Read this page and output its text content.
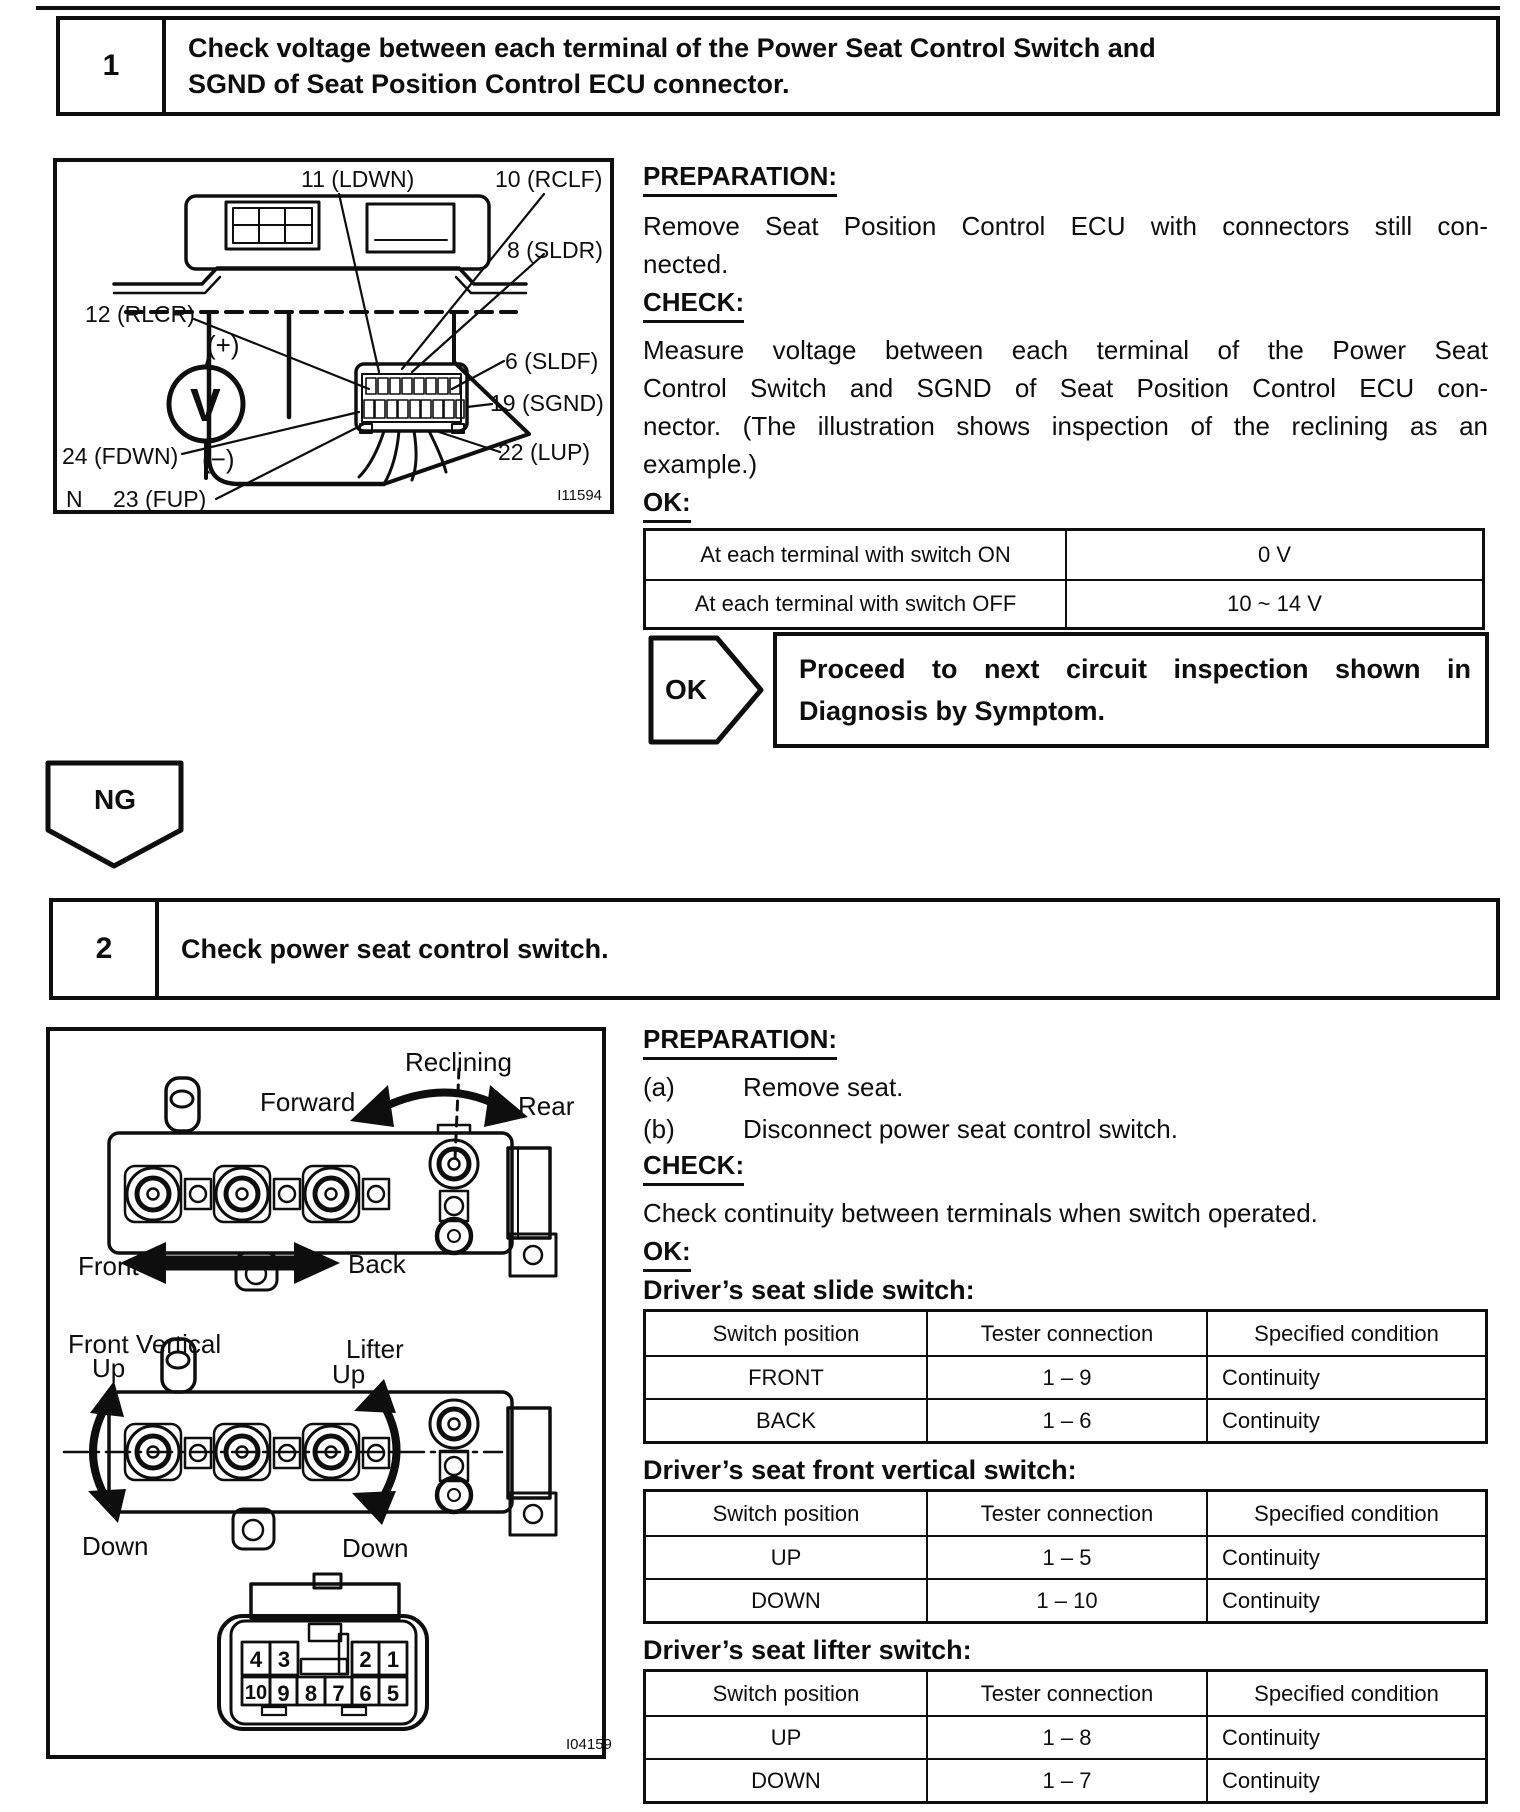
1
Check voltage between each terminal of the Power Seat Control Switch and
SGND of Seat Position Control ECU connector.
11 (LDWN)	10 (RCLF)
8 (SLDR)
12 (RLCR)
(+)
6 (SLDF)
19 (SGND)
22 (LUP)
24 (FDWN) (−)
N 23 (FUP)
V
I11594
PREPARATION:
Remove Seat Position Control ECU with connectors still con-
nected.
CHECK:
Measure voltage between each terminal of the Power Seat
Control Switch and SGND of Seat Position Control ECU con-
nector. (The illustration shows inspection of the reclining as an
example.)
OK:
At each terminal with switch ON	0 V
At each terminal with switch OFF	10 ~ 14 V
OK
Proceed to next circuit inspection shown in
Diagnosis by Symptom.
NG
2	Check power seat control switch.
Reclining
Forward	Rear
Front	Back
Front Vertical	Lifter
Up	Up
Down	Down
4 3	2 1
10 9 8 7 6 5
I04159
PREPARATION:
(a)	Remove seat.
(b)	Disconnect power seat control switch.
CHECK:
Check continuity between terminals when switch operated.
OK:
Driver’s seat slide switch:
Switch position	Tester connection	Specified condition
FRONT	1 – 9	Continuity
BACK	1 – 6	Continuity
Driver’s seat front vertical switch:
Switch position	Tester connection	Specified condition
UP	1 – 5	Continuity
DOWN	1 – 10	Continuity
Driver’s seat lifter switch:
Switch position	Tester connection	Specified condition
UP	1 – 8	Continuity
DOWN	1 – 7	Continuity
